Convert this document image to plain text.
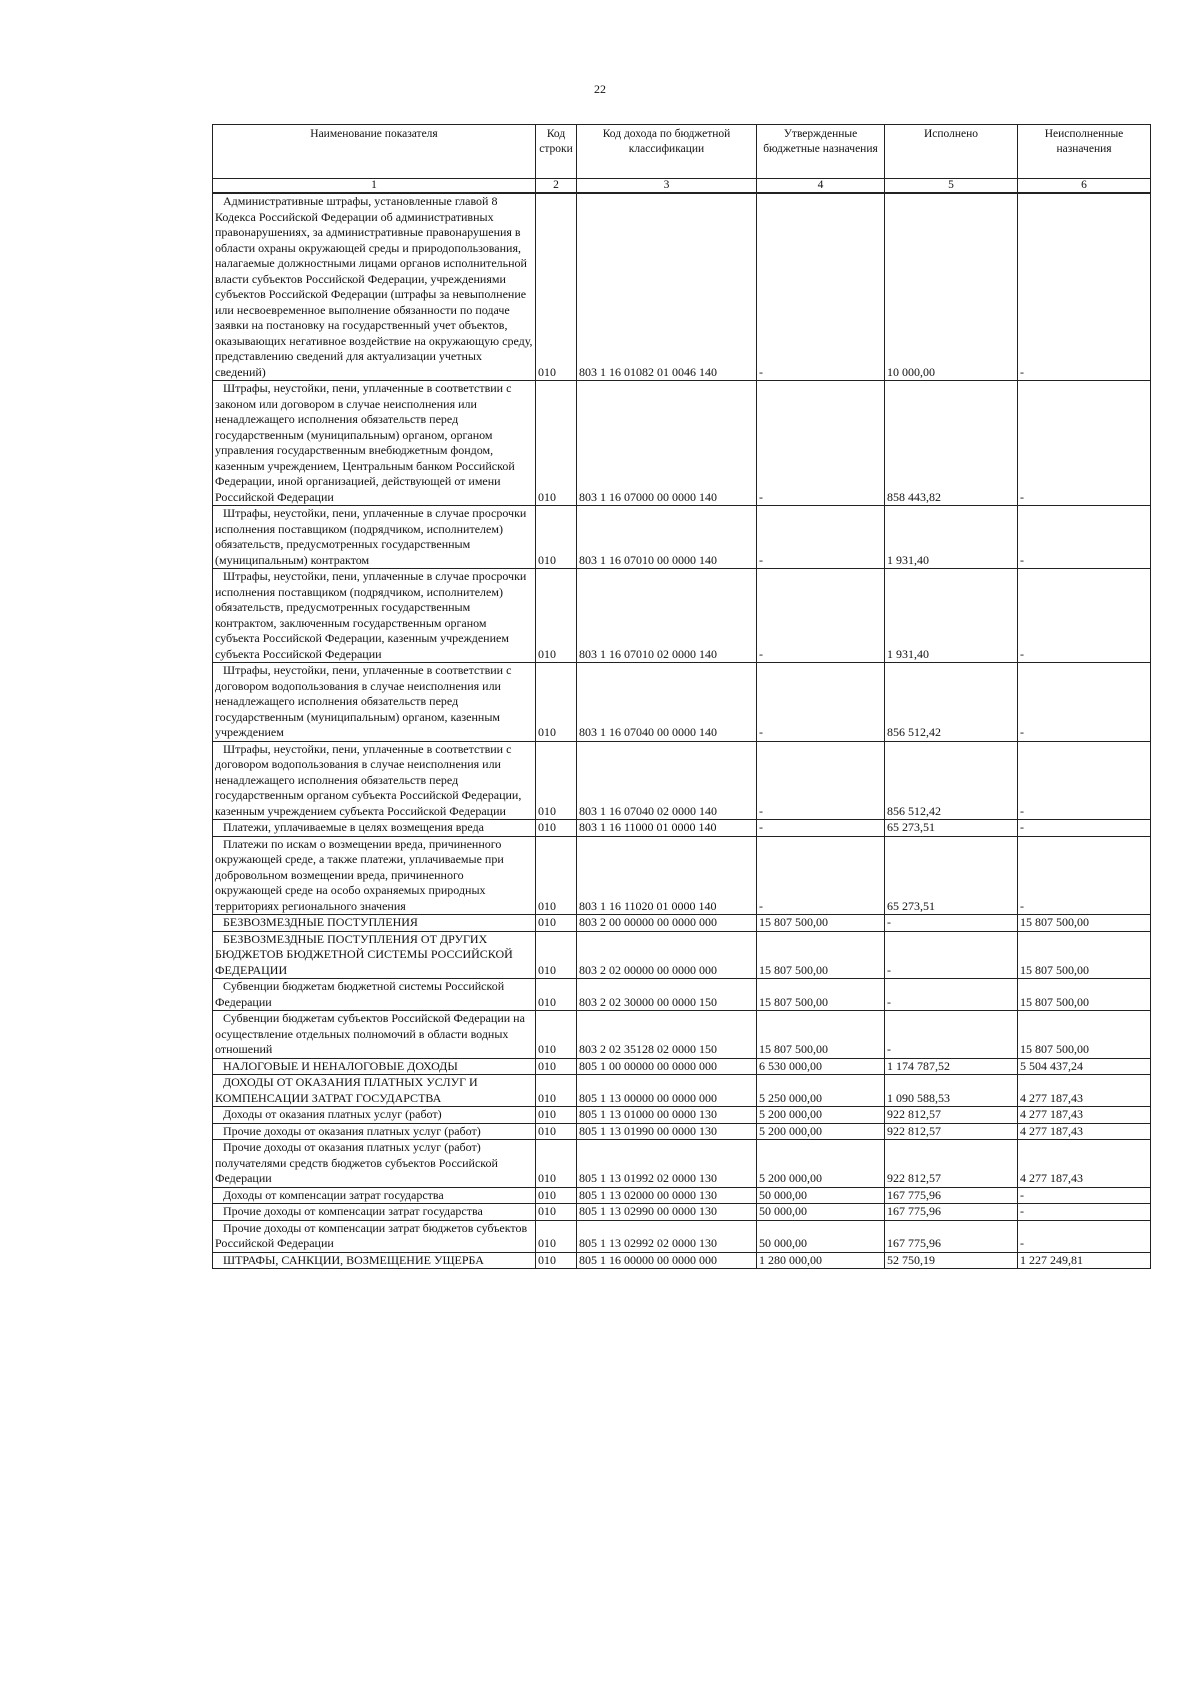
22
Наименование показателя	Код строки	Код дохода по бюджетной классификации	Утвержденные бюджетные назначения	Исполнено	Неисполненные назначения
1	2	3	4	5	6
Административные штрафы, установленные главой 8 Кодекса Российской Федерации об административных правонарушениях, за административные правонарушения в области охраны окружающей среды и природопользования, налагаемые должностными лицами органов исполнительной власти субъектов Российской Федерации, учреждениями субъектов Российской Федерации (штрафы за невыполнение или несвоевременное выполнение обязанности по подаче заявки на постановку на государственный учет объектов, оказывающих негативное воздействие на окружающую среду, представлению сведений для актуализации учетных сведений)	010	803 1 16 01082 01 0046 140	-	10 000,00	-
Штрафы, неустойки, пени, уплаченные в соответствии с законом или договором в случае неисполнения или ненадлежащего исполнения обязательств перед государственным (муниципальным) органом, органом управления государственным внебюджетным фондом, казенным учреждением, Центральным банком Российской Федерации, иной организацией, действующей от имени Российской Федерации	010	803 1 16 07000 00 0000 140	-	858 443,82	-
Штрафы, неустойки, пени, уплаченные в случае просрочки исполнения поставщиком (подрядчиком, исполнителем) обязательств, предусмотренных государственным (муниципальным) контрактом	010	803 1 16 07010 00 0000 140	-	1 931,40	-
Штрафы, неустойки, пени, уплаченные в случае просрочки исполнения поставщиком (подрядчиком, исполнителем) обязательств, предусмотренных государственным контрактом, заключенным государственным органом субъекта Российской Федерации, казенным учреждением субъекта Российской Федерации	010	803 1 16 07010 02 0000 140	-	1 931,40	-
Штрафы, неустойки, пени, уплаченные в соответствии с договором водопользования в случае неисполнения или ненадлежащего исполнения обязательств перед государственным (муниципальным) органом, казенным учреждением	010	803 1 16 07040 00 0000 140	-	856 512,42	-
Штрафы, неустойки, пени, уплаченные в соответствии с договором водопользования в случае неисполнения или ненадлежащего исполнения обязательств перед государственным органом субъекта Российской Федерации, казенным учреждением субъекта Российской Федерации	010	803 1 16 07040 02 0000 140	-	856 512,42	-
Платежи, уплачиваемые в целях возмещения вреда	010	803 1 16 11000 01 0000 140	-	65 273,51	-
Платежи по искам о возмещении вреда, причиненного окружающей среде, а также платежи, уплачиваемые при добровольном возмещении вреда, причиненного окружающей среде на особо охраняемых природных территориях регионального значения	010	803 1 16 11020 01 0000 140	-	65 273,51	-
БЕЗВОЗМЕЗДНЫЕ ПОСТУПЛЕНИЯ	010	803 2 00 00000 00 0000 000	15 807 500,00	-	15 807 500,00
БЕЗВОЗМЕЗДНЫЕ ПОСТУПЛЕНИЯ ОТ ДРУГИХ БЮДЖЕТОВ БЮДЖЕТНОЙ СИСТЕМЫ РОССИЙСКОЙ ФЕДЕРАЦИИ	010	803 2 02 00000 00 0000 000	15 807 500,00	-	15 807 500,00
Субвенции бюджетам бюджетной системы Российской Федерации	010	803 2 02 30000 00 0000 150	15 807 500,00	-	15 807 500,00
Субвенции бюджетам субъектов Российской Федерации на осуществление отдельных полномочий в области водных отношений	010	803 2 02 35128 02 0000 150	15 807 500,00	-	15 807 500,00
НАЛОГОВЫЕ И НЕНАЛОГОВЫЕ ДОХОДЫ	010	805 1 00 00000 00 0000 000	6 530 000,00	1 174 787,52	5 504 437,24
ДОХОДЫ ОТ ОКАЗАНИЯ ПЛАТНЫХ УСЛУГ И КОМПЕНСАЦИИ ЗАТРАТ ГОСУДАРСТВА	010	805 1 13 00000 00 0000 000	5 250 000,00	1 090 588,53	4 277 187,43
Доходы от оказания платных услуг (работ)	010	805 1 13 01000 00 0000 130	5 200 000,00	922 812,57	4 277 187,43
Прочие доходы от оказания платных услуг (работ)	010	805 1 13 01990 00 0000 130	5 200 000,00	922 812,57	4 277 187,43
Прочие доходы от оказания платных услуг (работ) получателями средств бюджетов субъектов Российской Федерации	010	805 1 13 01992 02 0000 130	5 200 000,00	922 812,57	4 277 187,43
Доходы от компенсации затрат государства	010	805 1 13 02000 00 0000 130	50 000,00	167 775,96	-
Прочие доходы от компенсации затрат государства	010	805 1 13 02990 00 0000 130	50 000,00	167 775,96	-
Прочие доходы от компенсации затрат бюджетов субъектов Российской Федерации	010	805 1 13 02992 02 0000 130	50 000,00	167 775,96	-
ШТРАФЫ, САНКЦИИ, ВОЗМЕЩЕНИЕ УЩЕРБА	010	805 1 16 00000 00 0000 000	1 280 000,00	52 750,19	1 227 249,81
